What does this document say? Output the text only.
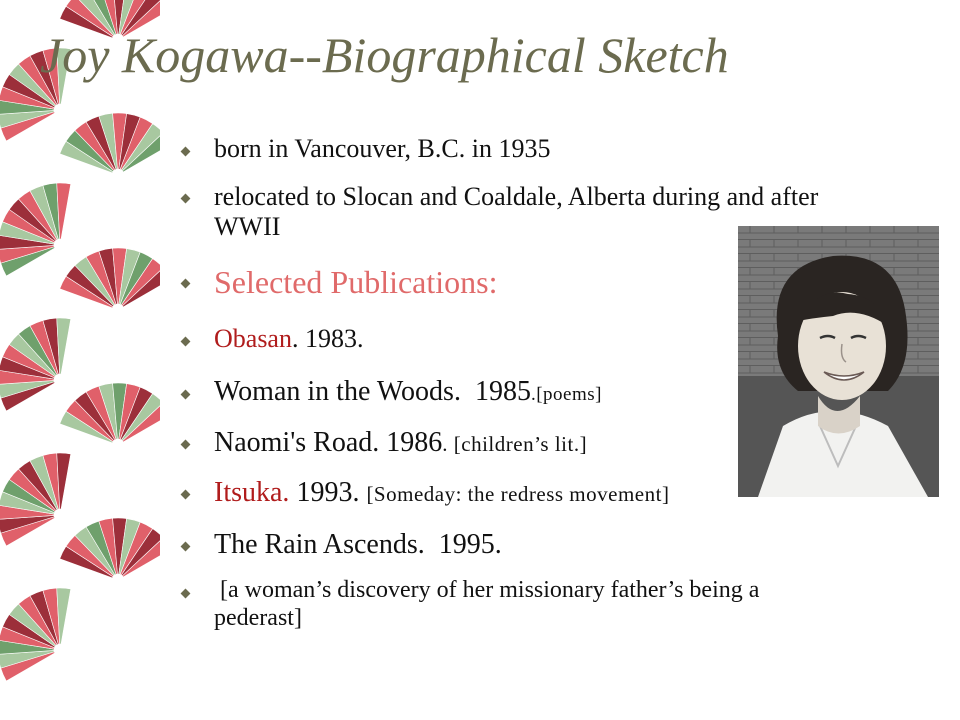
Joy Kogawa--Biographical Sketch
born in Vancouver, B.C. in 1935
relocated to Slocan and Coaldale, Alberta during and after WWII
Selected Publications:
Obasan. 1983.
Woman in the Woods.  1985.[poems]
Naomi's Road. 1986. [children’s lit.]
Itsuka. 1993. [Someday: the redress movement]
The Rain Ascends.  1995.
[a woman’s discovery of her missionary father’s being a pederast]
